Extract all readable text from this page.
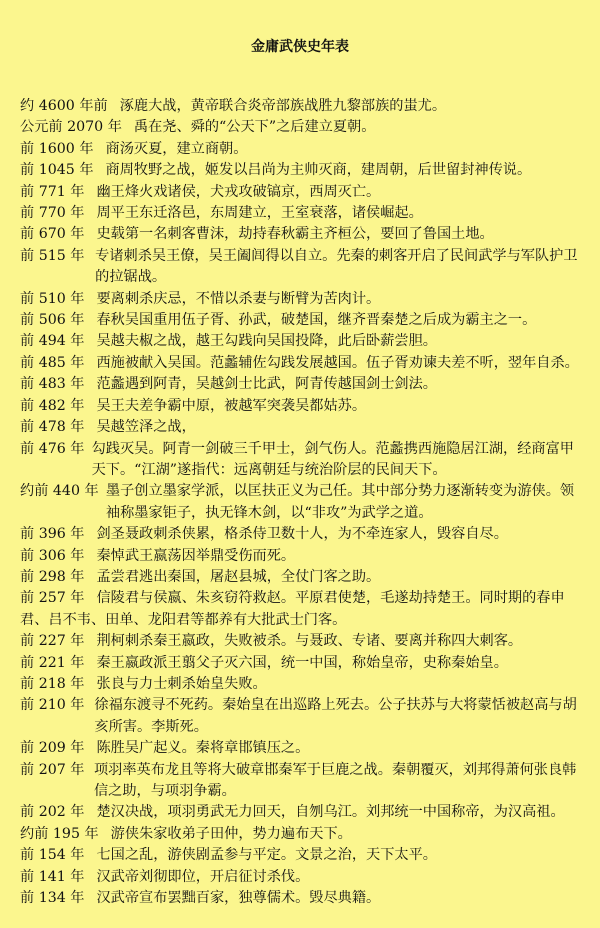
金庸武侠史年表
约 4600 年前 涿鹿大战，黄帝联合炎帝部族战胜九黎部族的蚩尤。
公元前 2070 年 禹在尧、舜的“公天下”之后建立夏朝。
前 1600 年 商汤灭夏，建立商朝。
前 1045 年 商周牧野之战，姬发以吕尚为主帅灭商，建周朝，后世留封神传说。
前 771 年 幽王烽火戏诸侯，犬戎攻破镐京，西周灭亡。
前 770 年 周平王东迁洛邑，东周建立，王室衰落，诸侯崛起。
前 670 年 史载第一名刺客曹沫，劫持春秋霸主齐桓公，要回了鲁国土地。
前 515 年 专诸刺杀吴王僚，吴王阖闾得以自立。先秦的刺客开启了民间武学与军队护卫的拉锯战。
前 510 年 要离刺杀庆忌，不惜以杀妻与断臂为苦肉计。
前 506 年 春秋吴国重用伍子胥、孙武，破楚国，继齐晋秦楚之后成为霸主之一。
前 494 年 吴越夫椒之战，越王勾践向吴国投降，此后卧薪尝胆。
前 485 年 西施被献入吴国。范蠡辅佐勾践发展越国。伍子胥劝谏夫差不听，翌年自杀。
前 483 年 范蠡遇到阿青，吴越剑士比武，阿青传越国剑士剑法。
前 482 年 吴王夫差争霸中原，被越军突袭吴都姑苏。
前 478 年 吴越笠泽之战，
前 476 年 勾践灭吴。阿青一剑破三千甲士，剑气伤人。范蠡携西施隐居江湖，经商富甲天下。“江湖”遂指代：远离朝廷与统治阶层的民间天下。
约前 440 年 墨子创立墨家学派，以匡扶正义为己任。其中部分势力逐渐转变为游侠。领袖称墨家钜子，执无锋木剑，以“非攻”为武学之道。
前 396 年 剑圣聂政刺杀侠累，格杀侍卫数十人，为不牵连家人，毁容自尽。
前 306 年 秦悼武王嬴荡因举鼎受伤而死。
前 298 年 孟尝君逃出秦国，屠赵县城，全仗门客之助。
前 257 年 信陵君与侯嬴、朱亥窃符救赵。平原君使楚，毛遂劫持楚王。同时期的春申君、吕不韦、田单、龙阳君等都养有大批武士门客。
前 227 年 荆柯刺杀秦王嬴政，失败被杀。与聂政、专诸、要离并称四大刺客。
前 221 年 秦王嬴政派王翦父子灭六国，统一中国，称始皇帝，史称秦始皇。
前 218 年 张良与力士刺杀始皇失败。
前 210 年 徐福东渡寻不死药。秦始皇在出巡路上死去。公子扶苏与大将蒙恬被赵高与胡亥所害。李斯死。
前 209 年 陈胜吴广起义。秦将章邯镇压之。
前 207 年 项羽率英布龙且等将大破章邯秦军于巨鹿之战。秦朝覆灭，刘邦得萧何张良韩信之助，与项羽争霸。
前 202 年 楚汉决战，项羽勇武无力回天，自刎乌江。刘邦统一中国称帝，为汉高祖。
约前 195 年 游侠朱家收弟子田仲，势力遍布天下。
前 154 年 七国之乱，游侠剧孟参与平定。文景之治，天下太平。
前 141 年 汉武帝刘彻即位，开启征讨杀伐。
前 134 年 汉武帝宣布罢黜百家，独尊儒术。毁尽典籍。
